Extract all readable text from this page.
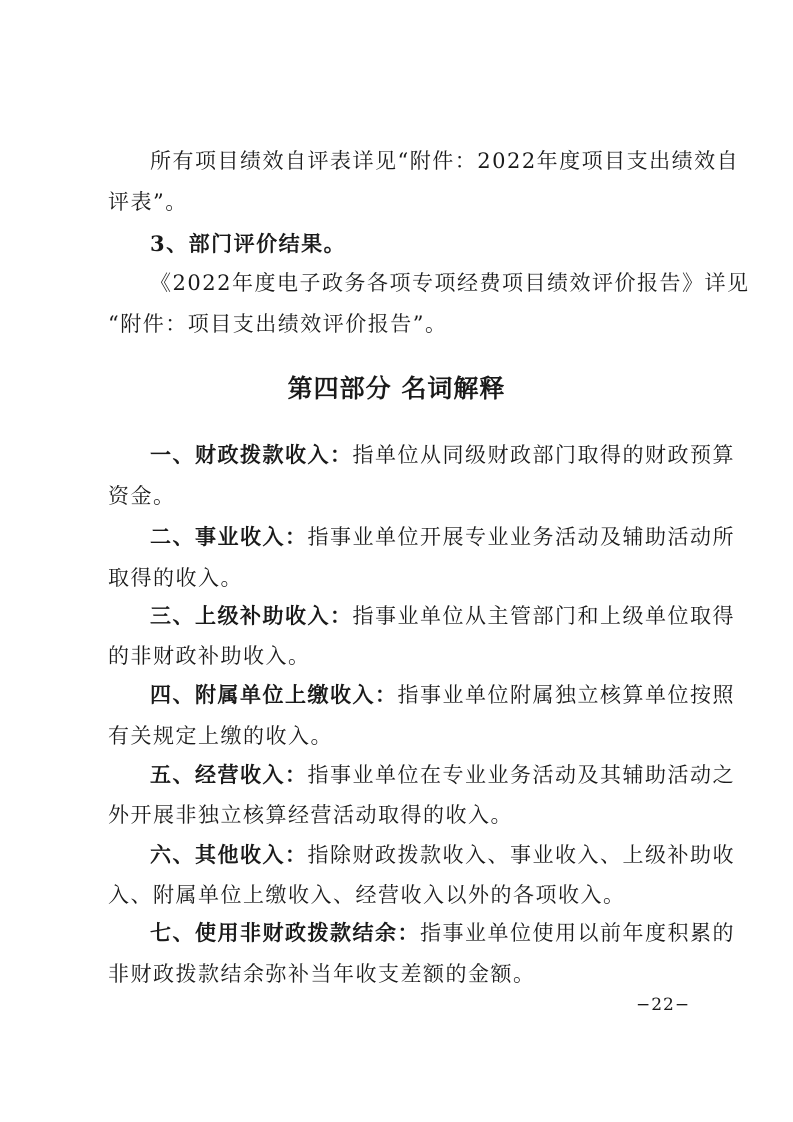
所有项目绩效自评表详见“附件：2022年度项目支出绩效自
评表”。
3、部门评价结果。
《2022年度电子政务各项专项经费项目绩效评价报告》详见
“附件：项目支出绩效评价报告”。
第四部分 名词解释
一、财政拨款收入：指单位从同级财政部门取得的财政预算
资金。
二、事业收入：指事业单位开展专业业务活动及辅助活动所
取得的收入。
三、上级补助收入：指事业单位从主管部门和上级单位取得
的非财政补助收入。
四、附属单位上缴收入：指事业单位附属独立核算单位按照
有关规定上缴的收入。
五、经营收入：指事业单位在专业业务活动及其辅助活动之
外开展非独立核算经营活动取得的收入。
六、其他收入：指除财政拨款收入、事业收入、上级补助收
入、附属单位上缴收入、经营收入以外的各项收入。
七、使用非财政拨款结余：指事业单位使用以前年度积累的
非财政拨款结余弥补当年收支差额的金额。
−22−
